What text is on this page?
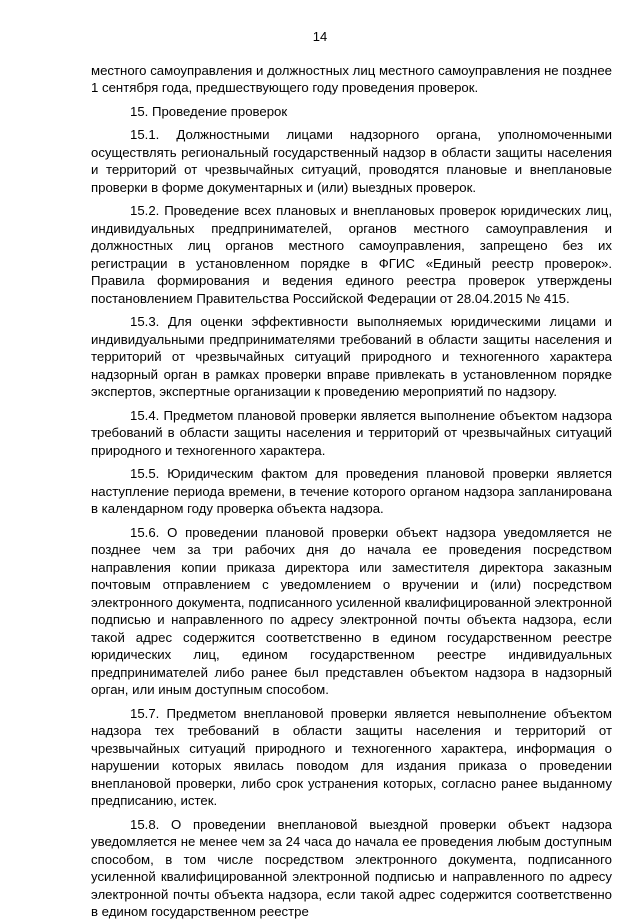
14

местного самоуправления и должностных лиц местного самоуправления не позднее 1 сентября года, предшествующего году проведения проверок.

15. Проведение проверок

15.1. Должностными лицами надзорного органа, уполномоченными осуществлять региональный государственный надзор в области защиты населения и территорий от чрезвычайных ситуаций, проводятся плановые и внеплановые проверки в форме документарных и (или) выездных проверок.

15.2. Проведение всех плановых и внеплановых проверок юридических лиц, индивидуальных предпринимателей, органов местного самоуправления и должностных лиц органов местного самоуправления, запрещено без их регистрации в установленном порядке в ФГИС «Единый реестр проверок». Правила формирования и ведения единого реестра проверок утверждены постановлением Правительства Российской Федерации от 28.04.2015 № 415.

15.3. Для оценки эффективности выполняемых юридическими лицами и индивидуальными предпринимателями требований в области защиты населения и территорий от чрезвычайных ситуаций природного и техногенного характера надзорный орган в рамках проверки вправе привлекать в установленном порядке экспертов, экспертные организации к проведению мероприятий по надзору.

15.4. Предметом плановой проверки является выполнение объектом надзора требований в области защиты населения и территорий от чрезвычайных ситуаций природного и техногенного характера.

15.5. Юридическим фактом для проведения плановой проверки является наступление периода времени, в течение которого органом надзора запланирована в календарном году проверка объекта надзора.

15.6. О проведении плановой проверки объект надзора уведомляется не позднее чем за три рабочих дня до начала ее проведения посредством направления копии приказа директора или заместителя директора заказным почтовым отправлением с уведомлением о вручении и (или) посредством электронного документа, подписанного усиленной квалифицированной электронной подписью и направленного по адресу электронной почты объекта надзора, если такой адрес содержится соответственно в едином государственном реестре юридических лиц, едином государственном реестре индивидуальных предпринимателей либо ранее был представлен объектом надзора в надзорный орган, или иным доступным способом.

15.7. Предметом внеплановой проверки является невыполнение объектом надзора тех требований в области защиты населения и территорий от чрезвычайных ситуаций природного и техногенного характера, информация о нарушении которых явилась поводом для издания приказа о проведении внеплановой проверки, либо срок устранения которых, согласно ранее выданному предписанию, истек.

15.8. О проведении внеплановой выездной проверки объект надзора уведомляется не менее чем за 24 часа до начала ее проведения любым доступным способом, в том числе посредством электронного документа, подписанного усиленной квалифицированной электронной подписью и направленного по адресу электронной почты объекта надзора, если такой адрес содержится соответственно в едином государственном реестре
